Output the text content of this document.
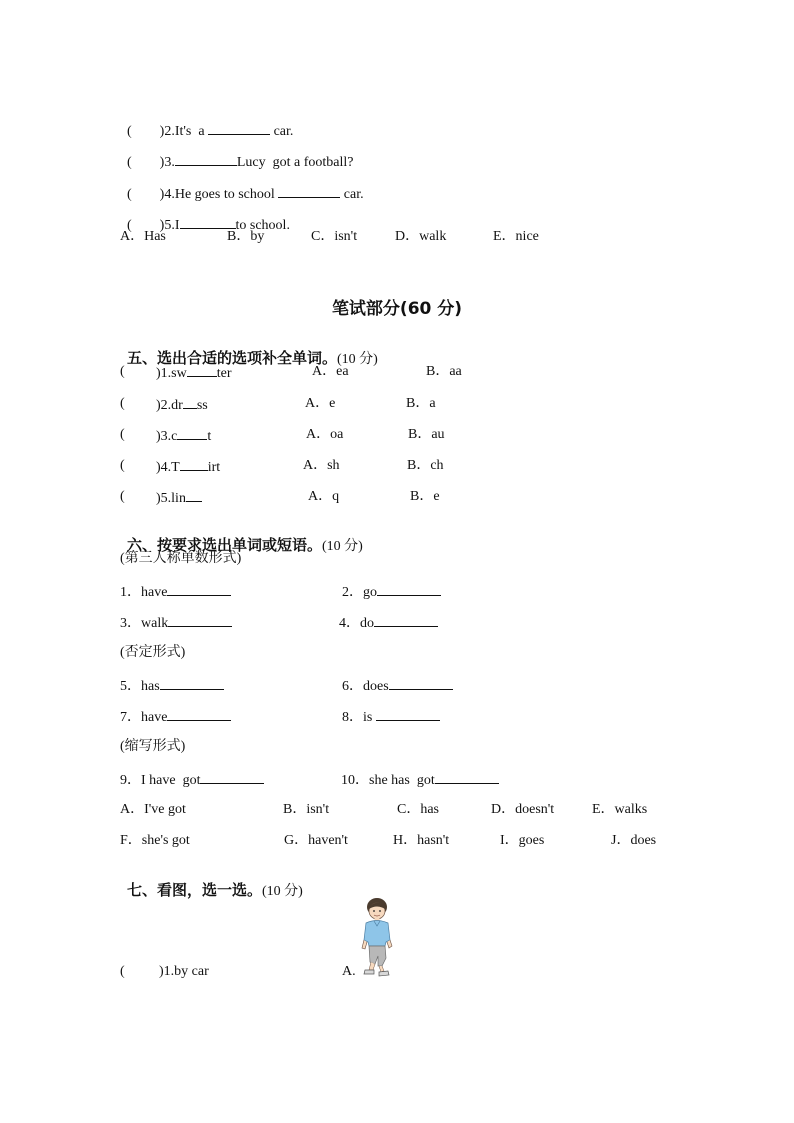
( )2.It's  a	car.

( )3.	Lucy  got a football?

( )4.He goes to school	car.

( )5.I	to school.

A．Has	B．by	C．isn't	D．walk	E．nice
笔试部分(60 分)

五、选出合适的选项补全单词。(10 分)

( )1.sw ter	A．ea	B．aa
( )2.dr ss	A．e	B．a
( )3.c t	A．oa	B．au
( )4.T irt	A．sh	B．ch
( )5.lin	A．q	B．e

六、按要求选出单词或短语。(10 分)

(第三人称单数形式)
1．have	2．go
3．walk	4．do
(否定形式)
5．has	6．does
7．have	8．is
(缩写形式)
9．I have  got	10．she has  got
A．I've got	B．isn't	C．has	D．doesn't	E．walks
F．she's got	G．haven't	H．hasn't	I．goes	J．does

七、看图，选一选。(10 分)

( )1.by car	A.
